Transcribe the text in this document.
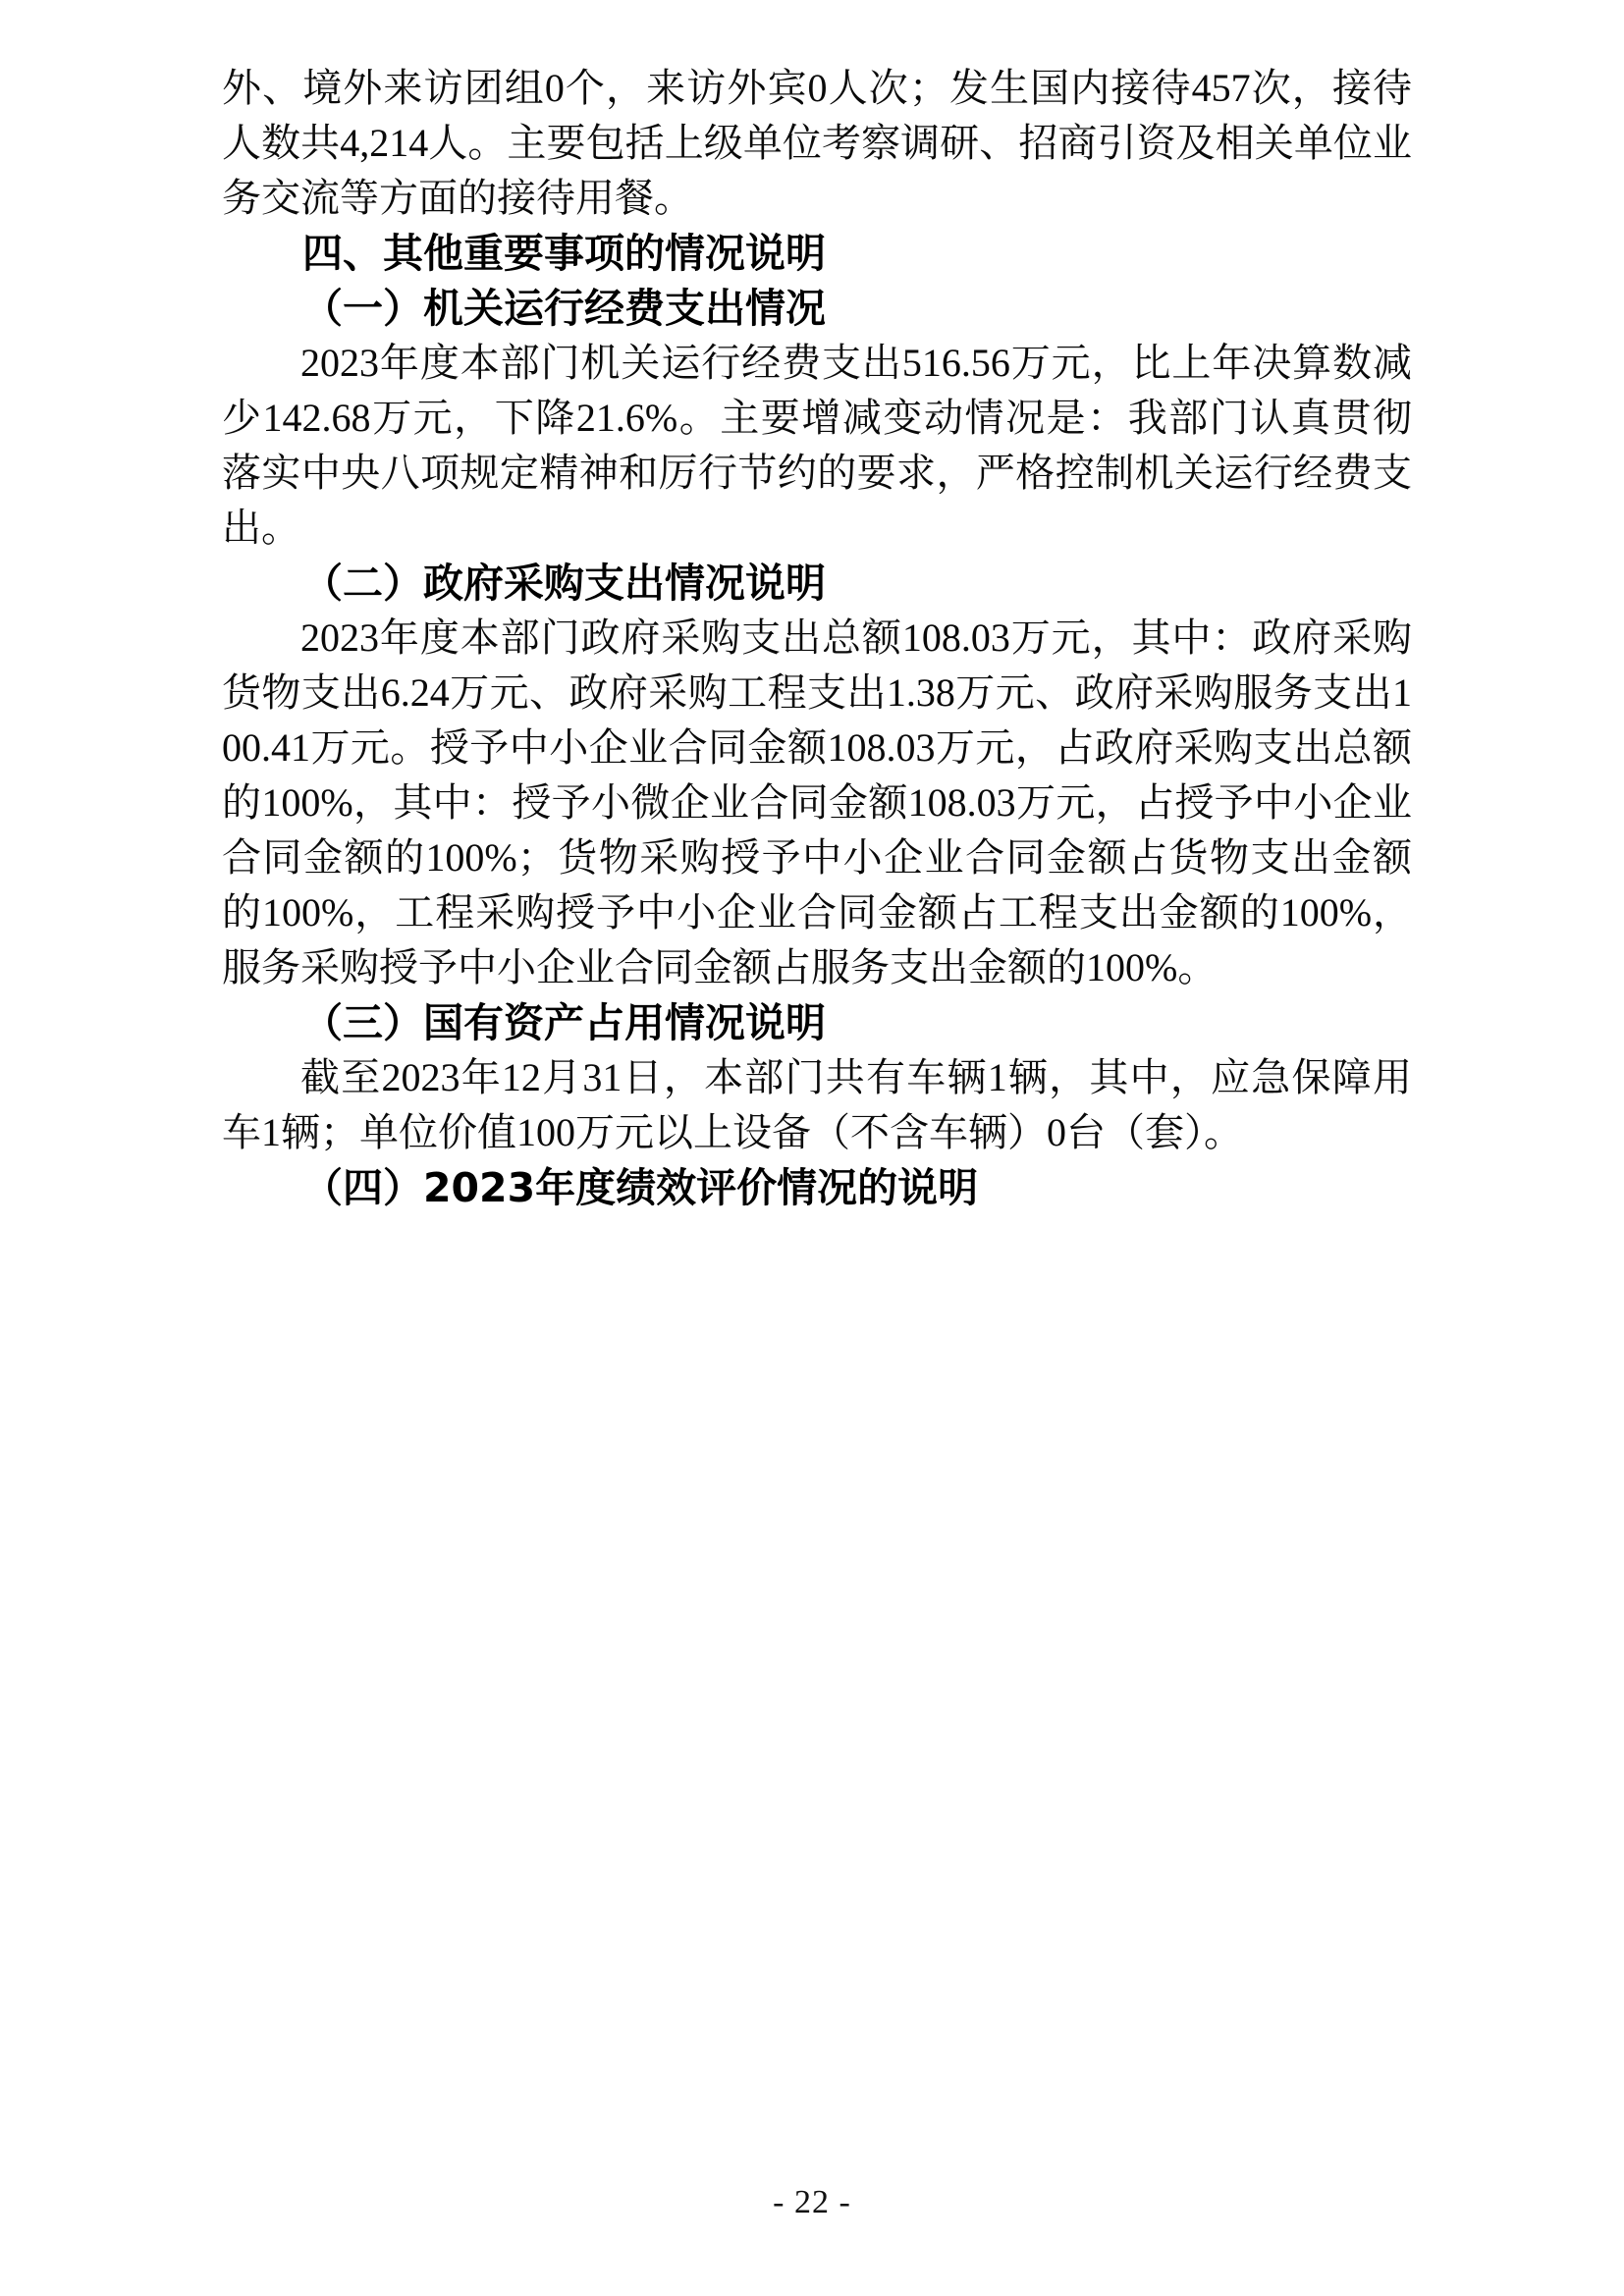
外、境外来访团组0个，来访外宾0人次；发生国内接待457次，接待人数共4,214人。主要包括上级单位考察调研、招商引资及相关单位业务交流等方面的接待用餐。

四、其他重要事项的情况说明
（一）机关运行经费支出情况

2023年度本部门机关运行经费支出516.56万元，比上年决算数减少142.68万元，下降21.6%。主要增减变动情况是：我部门认真贯彻落实中央八项规定精神和厉行节约的要求，严格控制机关运行经费支出。

（二）政府采购支出情况说明

2023年度本部门政府采购支出总额108.03万元，其中：政府采购货物支出6.24万元、政府采购工程支出1.38万元、政府采购服务支出100.41万元。授予中小企业合同金额108.03万元，占政府采购支出总额的100%，其中：授予小微企业合同金额108.03万元，占授予中小企业合同金额的100%；货物采购授予中小企业合同金额占货物支出金额的100%，工程采购授予中小企业合同金额占工程支出金额的100%，服务采购授予中小企业合同金额占服务支出金额的100%。

（三）国有资产占用情况说明

截至2023年12月31日，本部门共有车辆1辆，其中，应急保障用车1辆；单位价值100万元以上设备（不含车辆）0台（套）。

（四）2023年度绩效评价情况的说明
- 22 -
